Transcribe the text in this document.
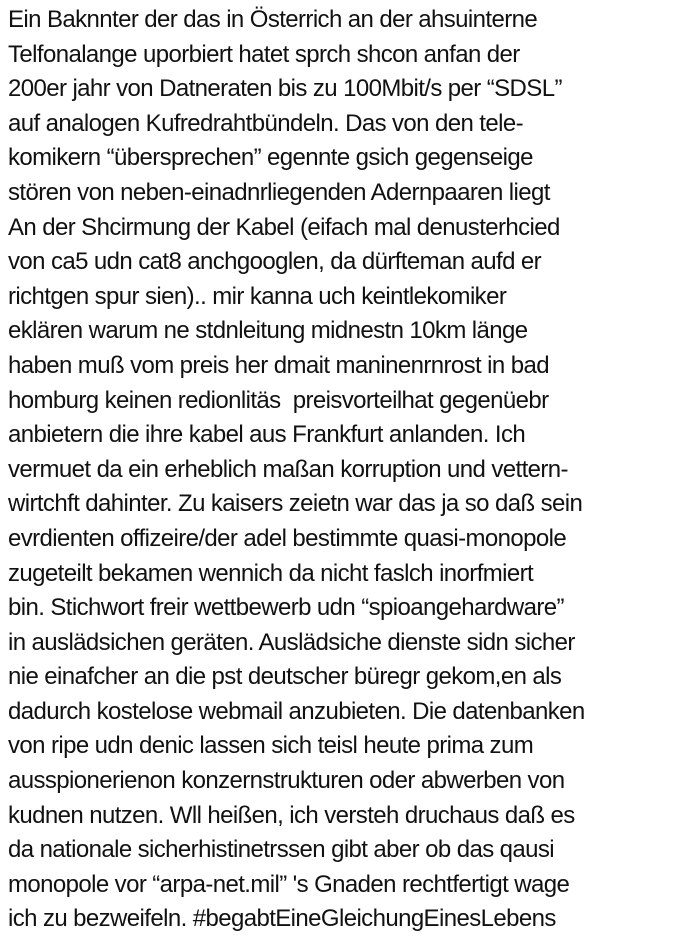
Ein Baknnter der das in Österrich an der ahsuinterne
Telfonalange uporbiert hatet sprch shcon anfan der
200er jahr von Datneraten bis zu 100Mbit/s per “SDSL”
auf analogen Kufredrahtbündeln. Das von den tele-
komikern “übersprechen” egennte gsich gegenseige
stören von neben-einadnrliegenden Adernpaaren liegt
An der Shcirmung der Kabel (eifach mal denusterhcied
von ca5 udn cat8 anchgooglen, da dürfteman aufd er
richtgen spur sien).. mir kanna uch keintlekomiker
eklären warum ne stdnleitung midnestn 10km länge
haben muß vom preis her dmait maninenrnrost in bad
homburg keinen redionlitäs  preisvorteilhat gegenüebr
anbietern die ihre kabel aus Frankfurt anlanden. Ich
vermuet da ein erheblich maßan korruption und vettern-
wirtchft dahinter. Zu kaisers zeietn war das ja so daß sein
evrdienten offizeire/der adel bestimmte quasi-monopole
zugeteilt bekamen wennich da nicht faslch inorfmiert
bin. Stichwort freir wettbewerb udn “spioangehardware”
in auslädsichen geräten. Auslädsiche dienste sidn sicher
nie einafcher an die pst deutscher büregr gekom,en als
dadurch kostelose webmail anzubieten. Die datenbanken
von ripe udn denic lassen sich teisl heute prima zum
ausspionerienon konzernstrukturen oder abwerben von
kudnen nutzen. Wll heißen, ich versteh druchaus daß es
da nationale sicherhistinetrssen gibt aber ob das qausi
monopole vor “arpa-net.mil” 's Gnaden rechtfertigt wage
ich zu bezweifeln. #begabtEineGleichungEinesLebens
